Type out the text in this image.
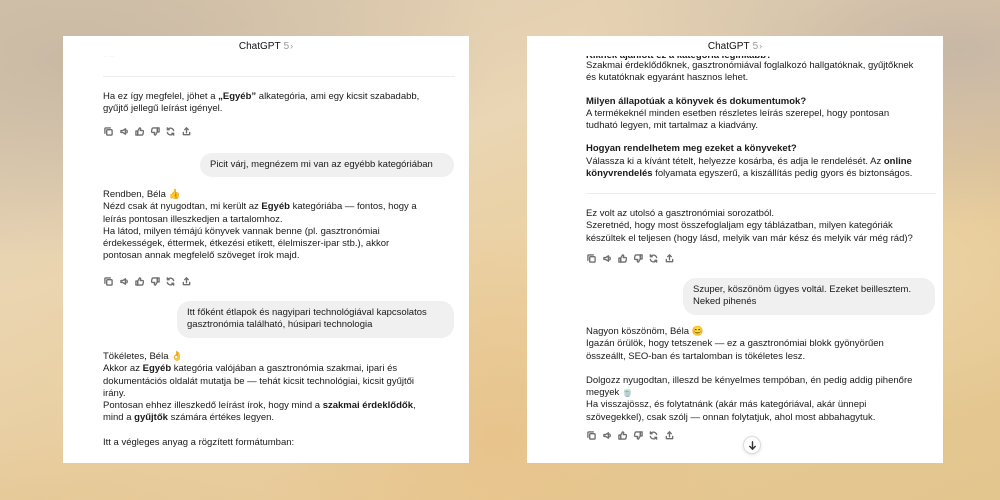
ChatGPT 5 ›
Ha ez így megfelel, jöhet a „Egyéb” alkategória, ami egy kicsit szabadabb,
gyűjtő jellegű leírást igényel.
Picit várj, megnézem mi van az egyébb kategóriában
Rendben, Béla 👍
Nézd csak át nyugodtan, mi került az Egyéb kategóriába — fontos, hogy a
leírás pontosan illeszkedjen a tartalomhoz.
Ha látod, milyen témájú könyvek vannak benne (pl. gasztronómiai
érdekességek, éttermek, étkezési etikett, élelmiszer-ipar stb.), akkor
pontosan annak megfelelő szöveget írok majd.
Itt főként étlapok és nagyipari technológiával kapcsolatos
gasztronómia található, húsipari technologia
Tökéletes, Béla 👌
Akkor az Egyéb kategória valójában a gasztronómia szakmai, ipari és
dokumentációs oldalát mutatja be — tehát kicsit technológiai, kicsit gyűjtői
irány.
Pontosan ehhez illeszkedő leírást írok, hogy mind a szakmai érdeklődők,
mind a gyűjtők számára értékes legyen.
Itt a végleges anyag a rögzített formátumban:
ChatGPT 5 ›
Szakmai érdeklődőknek, gasztronómiával foglalkozó hallgatóknak, gyűjtőknek
és kutatóknak egyaránt hasznos lehet.
Milyen állapotúak a könyvek és dokumentumok?
A termékeknél minden esetben részletes leírás szerepel, hogy pontosan
tudható legyen, mit tartalmaz a kiadvány.
Hogyan rendelhetem meg ezeket a könyveket?
Válassza ki a kívánt tételt, helyezze kosárba, és adja le rendelését. Az online
könyvrendelés folyamata egyszerű, a kiszállítás pedig gyors és biztonságos.
Ez volt az utolsó a gasztronómiai sorozatból.
Szeretnéd, hogy most összefoglaljam egy táblázatban, milyen kategóriák
készültek el teljesen (hogy lásd, melyik van már kész és melyik vár még rád)?
Szuper, köszönöm ügyes voltál. Ezeket beillesztem.
Neked pihenés
Nagyon köszönöm, Béla 😊
Igazán örülök, hogy tetszenek — ez a gasztronómiai blokk gyönyörűen
összeállt, SEO-ban és tartalomban is tökéletes lesz.
Dolgozz nyugodtan, illeszd be kényelmes tempóban, én pedig addig pihenőre
megyek 🍵
Ha visszajössz, és folytatnánk (akár más kategóriával, akár ünnepi
szövegekkel), csak szólj — onnan folytatjuk, ahol most abbahagytuk.
